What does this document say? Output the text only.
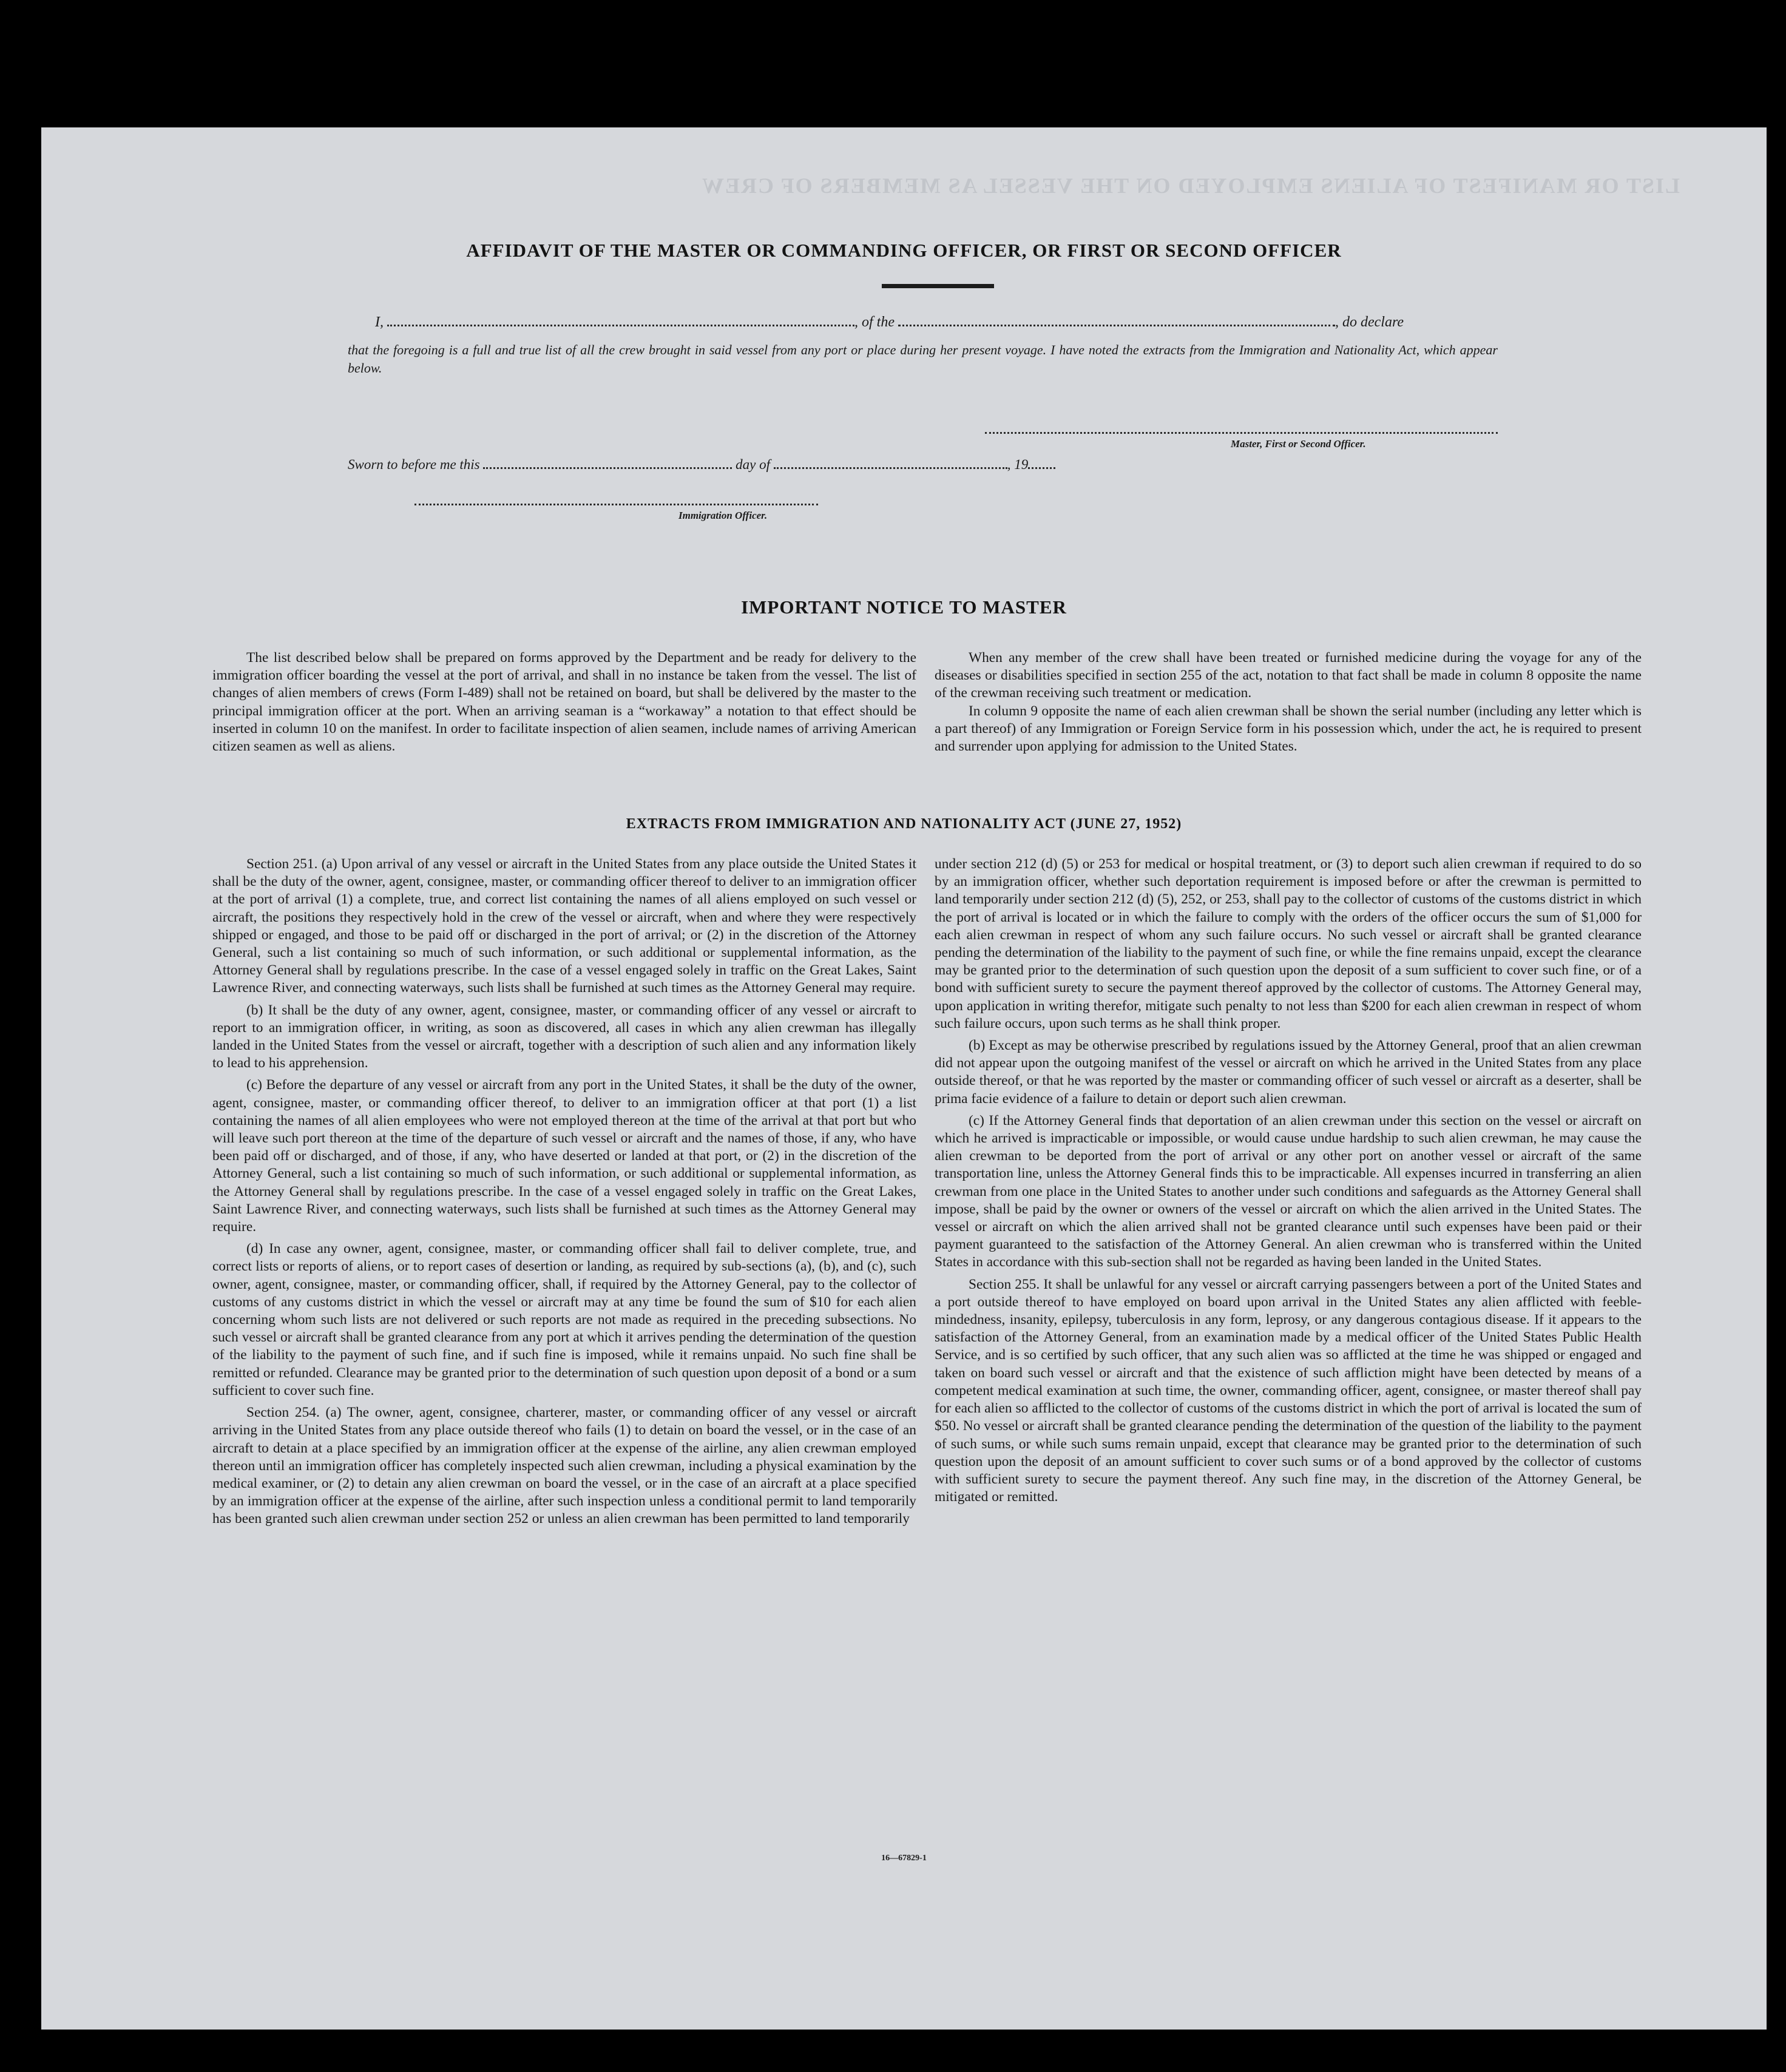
LIST OR MANIFEST OF ALIENS EMPLOYED ON THE VESSEL AS MEMBERS OF CREW
AFFIDAVIT OF THE MASTER OR COMMANDING OFFICER, OR FIRST OR SECOND OFFICER
I,	, of the	, do declare
that the foregoing is a full and true list of all the crew brought in said vessel from any port or place during her present voyage. I have noted the extracts from the Immigration and Nationality Act, which appear below.
Master, First or Second Officer.
Sworn to before me this	day of	, 19
Immigration Officer.
IMPORTANT NOTICE TO MASTER

The list described below shall be prepared on forms approved by the Department and be ready for delivery to the immigration officer boarding the vessel at the port of arrival, and shall in no instance be taken from the vessel. The list of changes of alien members of crews (Form I-489) shall not be retained on board, but shall be delivered by the master to the principal immigration officer at the port. When an arriving seaman is a “workaway” a notation to that effect should be inserted in column 10 on the manifest. In order to facilitate inspection of alien seamen, include names of arriving American citizen seamen as well as aliens.

When any member of the crew shall have been treated or furnished medicine during the voyage for any of the diseases or disabilities specified in section 255 of the act, notation to that fact shall be made in column 8 opposite the name of the crewman receiving such treatment or medication.

In column 9 opposite the name of each alien crewman shall be shown the serial number (including any letter which is a part thereof) of any Immigration or Foreign Service form in his possession which, under the act, he is required to present and surrender upon applying for admission to the United States.

EXTRACTS FROM IMMIGRATION AND NATIONALITY ACT (JUNE 27, 1952)

Section 251. (a) Upon arrival of any vessel or aircraft in the United States from any place outside the United States it shall be the duty of the owner, agent, consignee, master, or commanding officer thereof to deliver to an immigration officer at the port of arrival (1) a complete, true, and correct list containing the names of all aliens employed on such vessel or aircraft, the positions they respectively hold in the crew of the vessel or aircraft, when and where they were respectively shipped or engaged, and those to be paid off or discharged in the port of arrival; or (2) in the discretion of the Attorney General, such a list containing so much of such information, or such additional or supplemental information, as the Attorney General shall by regulations prescribe. In the case of a vessel engaged solely in traffic on the Great Lakes, Saint Lawrence River, and connecting waterways, such lists shall be furnished at such times as the Attorney General may require.

(b) It shall be the duty of any owner, agent, consignee, master, or commanding officer of any vessel or aircraft to report to an immigration officer, in writing, as soon as discovered, all cases in which any alien crewman has illegally landed in the United States from the vessel or aircraft, together with a description of such alien and any information likely to lead to his apprehension.

(c) Before the departure of any vessel or aircraft from any port in the United States, it shall be the duty of the owner, agent, consignee, master, or commanding officer thereof, to deliver to an immigration officer at that port (1) a list containing the names of all alien employees who were not employed thereon at the time of the arrival at that port but who will leave such port thereon at the time of the departure of such vessel or aircraft and the names of those, if any, who have been paid off or discharged, and of those, if any, who have deserted or landed at that port, or (2) in the discretion of the Attorney General, such a list containing so much of such information, or such additional or supplemental information, as the Attorney General shall by regulations prescribe. In the case of a vessel engaged solely in traffic on the Great Lakes, Saint Lawrence River, and connecting waterways, such lists shall be furnished at such times as the Attorney General may require.

(d) In case any owner, agent, consignee, master, or commanding officer shall fail to deliver complete, true, and correct lists or reports of aliens, or to report cases of desertion or landing, as required by sub-sections (a), (b), and (c), such owner, agent, consignee, master, or commanding officer, shall, if required by the Attorney General, pay to the collector of customs of any customs district in which the vessel or aircraft may at any time be found the sum of $10 for each alien concerning whom such lists are not delivered or such reports are not made as required in the preceding subsections. No such vessel or aircraft shall be granted clearance from any port at which it arrives pending the determination of the question of the liability to the payment of such fine, and if such fine is imposed, while it remains unpaid. No such fine shall be remitted or refunded. Clearance may be granted prior to the determination of such question upon deposit of a bond or a sum sufficient to cover such fine.

Section 254. (a) The owner, agent, consignee, charterer, master, or commanding officer of any vessel or aircraft arriving in the United States from any place outside thereof who fails (1) to detain on board the vessel, or in the case of an aircraft to detain at a place specified by an immigration officer at the expense of the airline, any alien crewman employed thereon until an immigration officer has completely inspected such alien crewman, including a physical examination by the medical examiner, or (2) to detain any alien crewman on board the vessel, or in the case of an aircraft at a place specified by an immigration officer at the expense of the airline, after such inspection unless a conditional permit to land temporarily has been granted such alien crewman under section 252 or unless an alien crewman has been permitted to land temporarily

under section 212 (d) (5) or 253 for medical or hospital treatment, or (3) to deport such alien crewman if required to do so by an immigration officer, whether such deportation requirement is imposed before or after the crewman is permitted to land temporarily under section 212 (d) (5), 252, or 253, shall pay to the collector of customs of the customs district in which the port of arrival is located or in which the failure to comply with the orders of the officer occurs the sum of $1,000 for each alien crewman in respect of whom any such failure occurs. No such vessel or aircraft shall be granted clearance pending the determination of the liability to the payment of such fine, or while the fine remains unpaid, except the clearance may be granted prior to the determination of such question upon the deposit of a sum sufficient to cover such fine, or of a bond with sufficient surety to secure the payment thereof approved by the collector of customs. The Attorney General may, upon application in writing therefor, mitigate such penalty to not less than $200 for each alien crewman in respect of whom such failure occurs, upon such terms as he shall think proper.

(b) Except as may be otherwise prescribed by regulations issued by the Attorney General, proof that an alien crewman did not appear upon the outgoing manifest of the vessel or aircraft on which he arrived in the United States from any place outside thereof, or that he was reported by the master or commanding officer of such vessel or aircraft as a deserter, shall be prima facie evidence of a failure to detain or deport such alien crewman.

(c) If the Attorney General finds that deportation of an alien crewman under this section on the vessel or aircraft on which he arrived is impracticable or impossible, or would cause undue hardship to such alien crewman, he may cause the alien crewman to be deported from the port of arrival or any other port on another vessel or aircraft of the same transportation line, unless the Attorney General finds this to be impracticable. All expenses incurred in transferring an alien crewman from one place in the United States to another under such conditions and safeguards as the Attorney General shall impose, shall be paid by the owner or owners of the vessel or aircraft on which the alien arrived in the United States. The vessel or aircraft on which the alien arrived shall not be granted clearance until such expenses have been paid or their payment guaranteed to the satisfaction of the Attorney General. An alien crewman who is transferred within the United States in accordance with this sub-section shall not be regarded as having been landed in the United States.

Section 255. It shall be unlawful for any vessel or aircraft carrying passengers between a port of the United States and a port outside thereof to have employed on board upon arrival in the United States any alien afflicted with feeble-mindedness, insanity, epilepsy, tuberculosis in any form, leprosy, or any dangerous contagious disease. If it appears to the satisfaction of the Attorney General, from an examination made by a medical officer of the United States Public Health Service, and is so certified by such officer, that any such alien was so afflicted at the time he was shipped or engaged and taken on board such vessel or aircraft and that the existence of such affliction might have been detected by means of a competent medical examination at such time, the owner, commanding officer, agent, consignee, or master thereof shall pay for each alien so afflicted to the collector of customs of the customs district in which the port of arrival is located the sum of $50. No vessel or aircraft shall be granted clearance pending the determination of the question of the liability to the payment of such sums, or while such sums remain unpaid, except that clearance may be granted prior to the determination of such question upon the deposit of an amount sufficient to cover such sums or of a bond approved by the collector of customs with sufficient surety to secure the payment thereof. Any such fine may, in the discretion of the Attorney General, be mitigated or remitted.

16—67829-1
